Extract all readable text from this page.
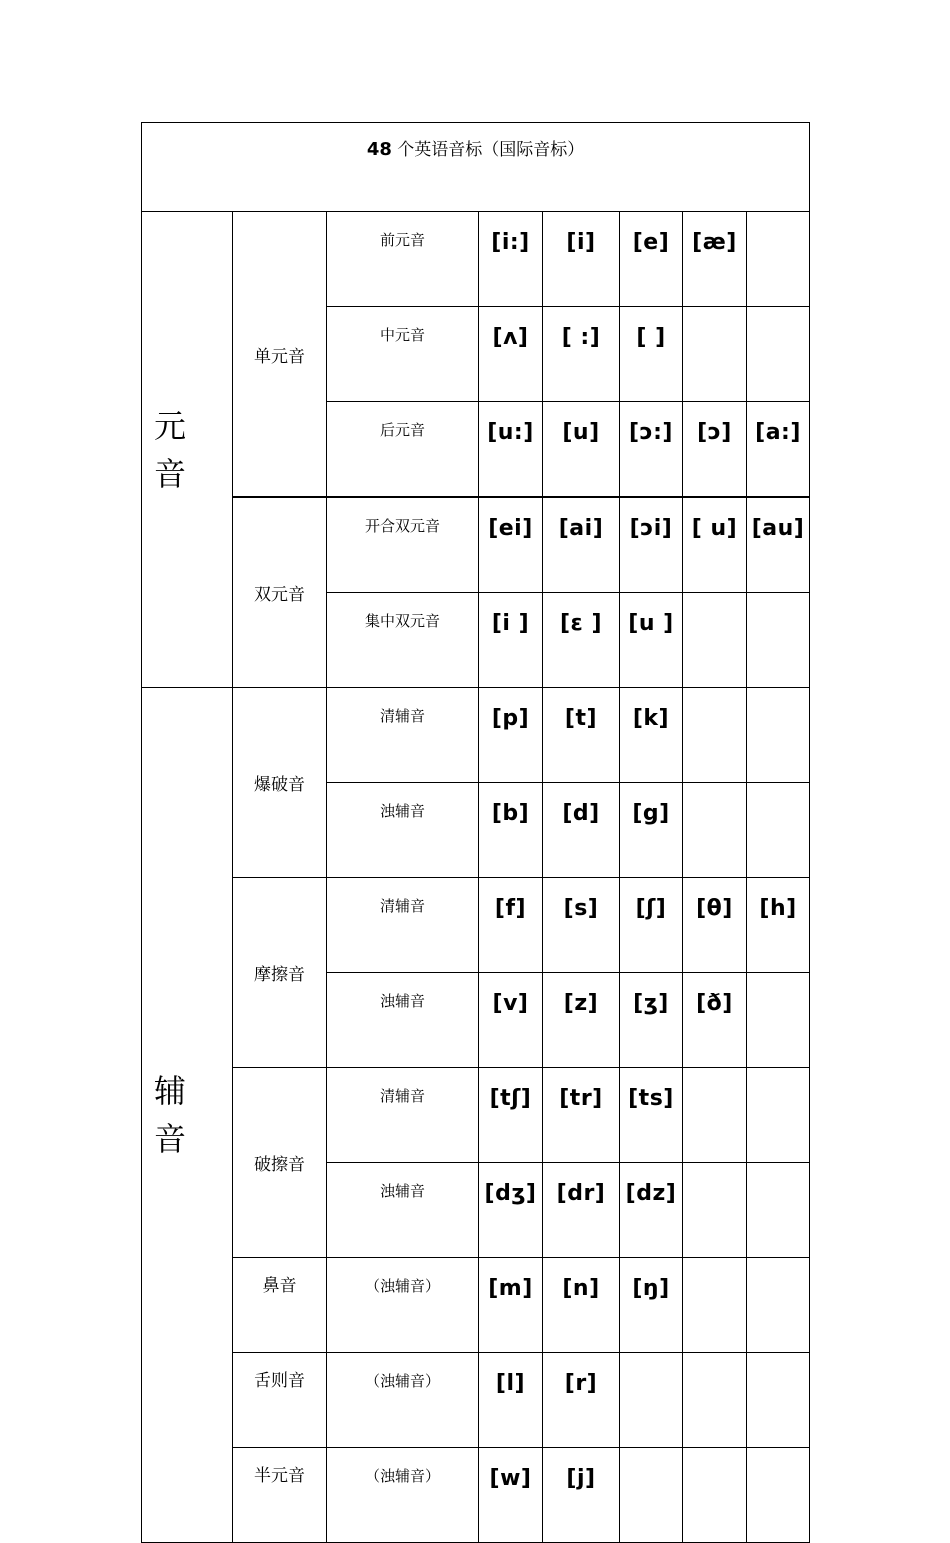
48 个英语音标（国际音标）							

元
音	单元音	前元音	[i:]	[i]	[e]	[æ]	
		中元音	[ʌ]	[ :]	[ ]		
		后元音	[u:]	[u]	[ɔ:]	[ɔ]	[a:]
	双元音	开合双元音	[ei]	[ai]	[ɔi]	[ u]	[au]
		集中双元音	[i ]	[ε ]	[u ]		

辅
音	爆破音	清辅音	[p]	[t]	[k]		
		浊辅音	[b]	[d]	[g]		
	摩擦音	清辅音	[f]	[s]	[ʃ]	[θ]	[h]
		浊辅音	[v]	[z]	[ʒ]	[ð]	
	破擦音	清辅音	[tʃ]	[tr]	[ts]		
		浊辅音	[dʒ]	[dr]	[dz]		
	鼻音	（浊辅音）	[m]	[n]	[ŋ]		
	舌则音	（浊辅音）	[l]	[r]			
	半元音	（浊辅音）	[w]	[j]			
